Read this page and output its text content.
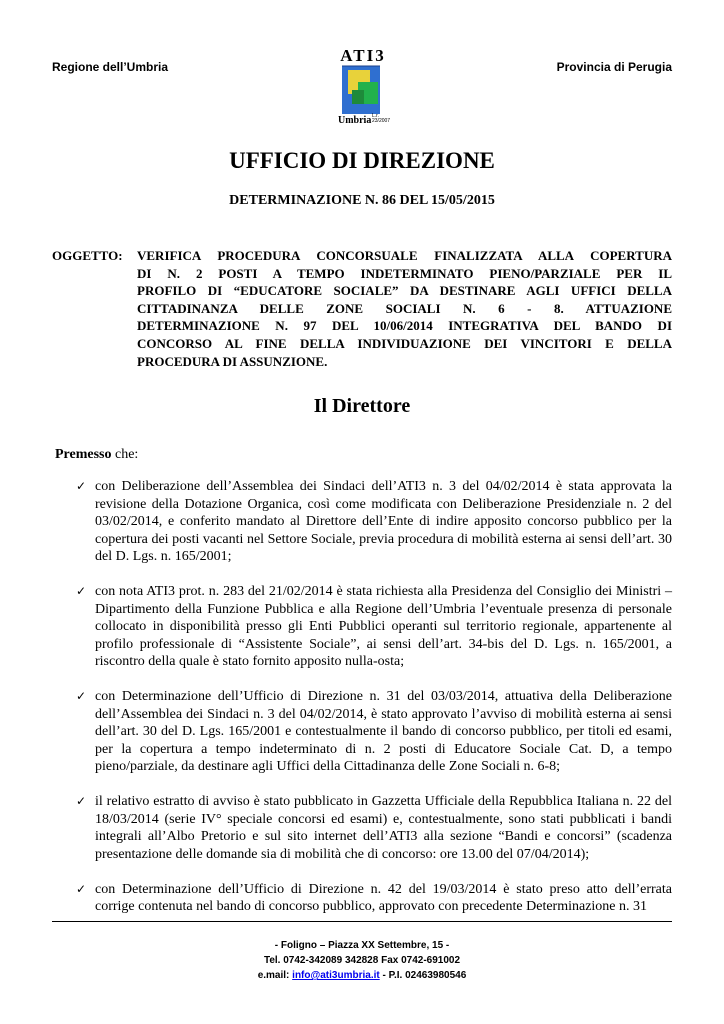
Regione dell’Umbria	Provincia di Perugia
ATI3
Umbria L.r.
23/2007
UFFICIO DI DIREZIONE
DETERMINAZIONE N. 86 DEL 15/05/2015
OGGETTO: VERIFICA PROCEDURA CONCORSUALE FINALIZZATA ALLA COPERTURA
DI N. 2 POSTI A TEMPO INDETERMINATO PIENO/PARZIALE PER IL
PROFILO DI “EDUCATORE SOCIALE” DA DESTINARE AGLI UFFICI DELLA
CITTADINANZA DELLE ZONE SOCIALI N. 6 - 8. ATTUAZIONE
DETERMINAZIONE N. 97 DEL 10/06/2014 INTEGRATIVA DEL BANDO DI
CONCORSO AL FINE DELLA INDIVIDUAZIONE DEI VINCITORI E DELLA
PROCEDURA DI ASSUNZIONE.
Il Direttore
Premesso che:
✓ con Deliberazione dell’Assemblea dei Sindaci dell’ATI3 n. 3 del 04/02/2014 è stata approvata la revisione della Dotazione Organica, così come modificata con Deliberazione Presidenziale n. 2 del 03/02/2014, e conferito mandato al Direttore dell’Ente di indire apposito concorso pubblico per la copertura dei posti vacanti nel Settore Sociale, previa procedura di mobilità esterna ai sensi dell’art. 30 del D. Lgs. n. 165/2001;
✓ con nota ATI3 prot. n. 283 del 21/02/2014 è stata richiesta alla Presidenza del Consiglio dei Ministri – Dipartimento della Funzione Pubblica e alla Regione dell’Umbria l’eventuale presenza di personale collocato in disponibilità presso gli Enti Pubblici operanti sul territorio regionale, appartenente al profilo professionale di “Assistente Sociale”, ai sensi dell’art. 34-bis del D. Lgs. n. 165/2001, a riscontro della quale è stato fornito apposito nulla-osta;
✓ con Determinazione dell’Ufficio di Direzione n. 31 del 03/03/2014, attuativa della Deliberazione dell’Assemblea dei Sindaci n. 3 del 04/02/2014, è stato approvato l’avviso di mobilità esterna ai sensi dell’art. 30 del D. Lgs. 165/2001 e contestualmente il bando di concorso pubblico, per titoli ed esami, per la copertura a tempo indeterminato di n. 2 posti di Educatore Sociale Cat. D, a tempo pieno/parziale, da destinare agli Uffici della Cittadinanza delle Zone Sociali n. 6-8;
✓ il relativo estratto di avviso è stato pubblicato in Gazzetta Ufficiale della Repubblica Italiana n. 22 del 18/03/2014 (serie IV° speciale concorsi ed esami) e, contestualmente, sono stati pubblicati i bandi integrali all’Albo Pretorio e sul sito internet dell’ATI3 alla sezione “Bandi e concorsi” (scadenza presentazione delle domande sia di mobilità che di concorso: ore 13.00 del 07/04/2014);
✓ con Determinazione dell’Ufficio di Direzione n. 42 del 19/03/2014 è stato preso atto dell’errata corrige contenuta nel bando di concorso pubblico, approvato con precedente Determinazione n. 31
- Foligno – Piazza XX Settembre, 15 -
Tel. 0742-342089 342828 Fax 0742-691002
e.mail: info@ati3umbria.it - P.I. 02463980546
